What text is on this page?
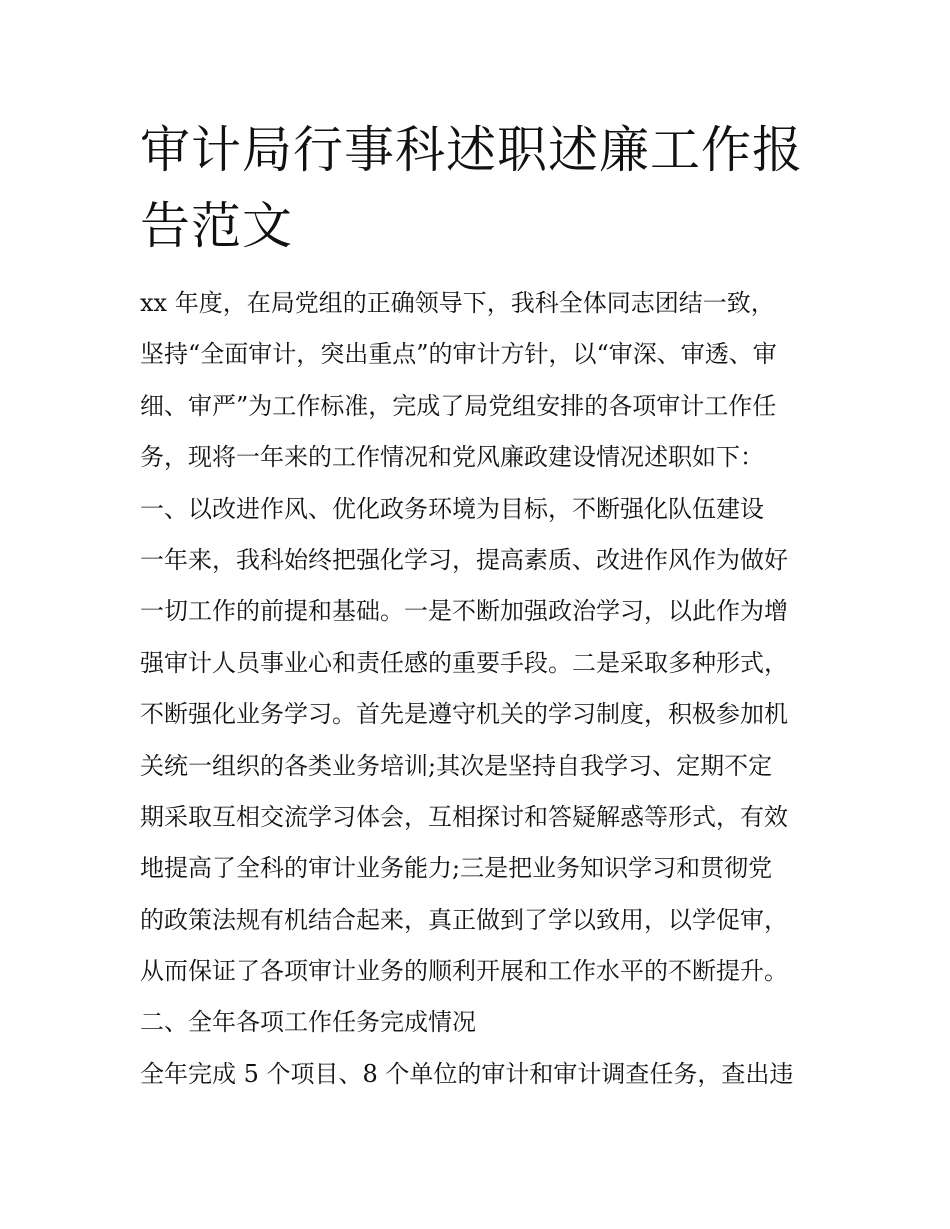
审计局行事科述职述廉工作报
告范文
xx 年度，在局党组的正确领导下，我科全体同志团结一致，
坚持“全面审计，突出重点”的审计方针，以“审深、审透、审
细、审严”为工作标准，完成了局党组安排的各项审计工作任
务，现将一年来的工作情况和党风廉政建设情况述职如下：
一、以改进作风、优化政务环境为目标，不断强化队伍建设
一年来，我科始终把强化学习，提高素质、改进作风作为做好
一切工作的前提和基础。一是不断加强政治学习，以此作为增
强审计人员事业心和责任感的重要手段。二是采取多种形式，
不断强化业务学习。首先是遵守机关的学习制度，积极参加机
关统一组织的各类业务培训;其次是坚持自我学习、定期不定
期采取互相交流学习体会，互相探讨和答疑解惑等形式，有效
地提高了全科的审计业务能力;三是把业务知识学习和贯彻党
的政策法规有机结合起来，真正做到了学以致用，以学促审，
从而保证了各项审计业务的顺利开展和工作水平的不断提升。
二、全年各项工作任务完成情况
全年完成 5 个项目、8 个单位的审计和审计调查任务，查出违
